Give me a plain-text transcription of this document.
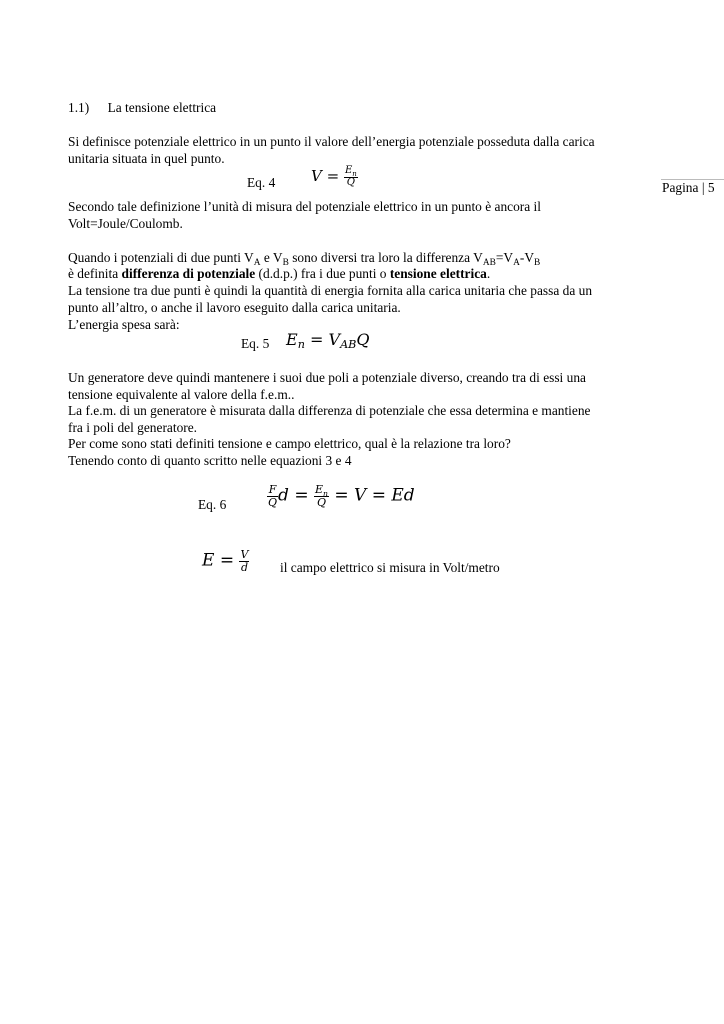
1.1) La tensione elettrica
Pagina | 5
Si definisce potenziale elettrico in un punto il valore dell’energia potenziale posseduta dalla carica
unitaria situata in quel punto.
Eq. 4 $V = \frac{E_n}{Q}$
Secondo tale definizione l’unità di misura del potenziale elettrico in un punto è ancora il
Volt=Joule/Coulomb.
Quando i potenziali di due punti $V_A$ e $V_B$ sono diversi tra loro la differenza $V_{AB}=V_A-V_B$
è definita differenza di potenziale (d.d.p.) fra i due punti o tensione elettrica.
La tensione tra due punti è quindi la quantità di energia fornita alla carica unitaria che passa da un
punto all’altro, o anche il lavoro eseguito dalla carica unitaria.
L’energia spesa sarà:
Eq. 5 $E_n = V_{AB}Q$
Un generatore deve quindi mantenere i suoi due poli a potenziale diverso, creando tra di essi una
tensione equivalente al valore della f.e.m..
La f.e.m. di un generatore è misurata dalla differenza di potenziale che essa determina e mantiene
fra i poli del generatore.
Per come sono stati definiti tensione e campo elettrico, qual è la relazione tra loro?
Tenendo conto di quanto scritto nelle equazioni 3 e 4
Eq. 6	$\frac{F}{Q}$ $d = \frac{E_n}{Q} = V = Ed$
$E = \frac{V}{d}$ il campo elettrico si misura in Volt/metro
